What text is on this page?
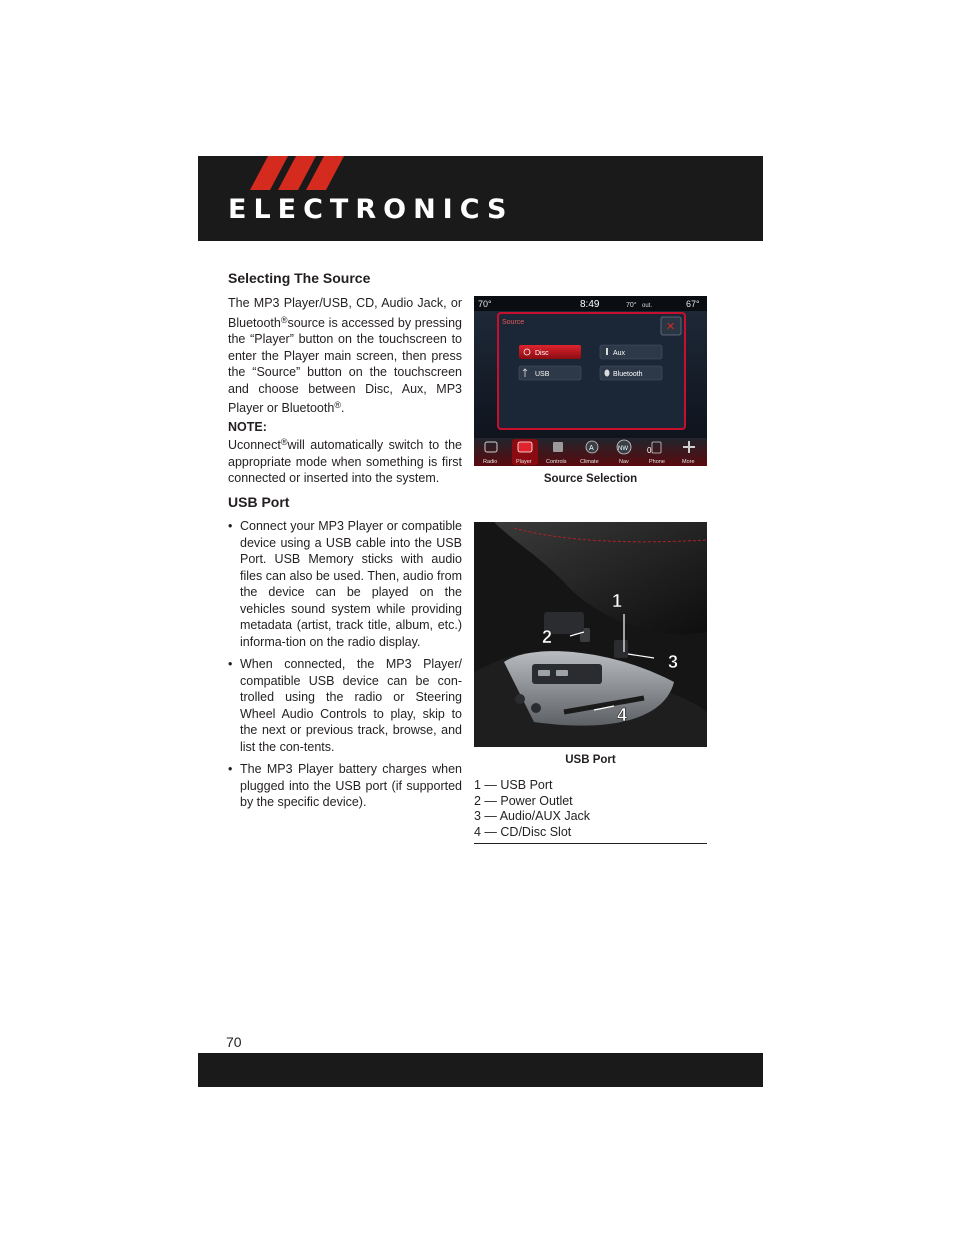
ELECTRONICS
Selecting The Source

The MP3 Player/USB, CD, Audio Jack, or Bluetooth®source is accessed by pressing the “Player” button on the touchscreen to enter the Player main screen, then press the “Source” button on the touchscreen and choose between Disc, Aux, MP3 Player or Bluetooth®.

NOTE:

Uconnect®will automatically switch to the appropriate mode when something is first connected or inserted into the system.

USB Port
• Connect your MP3 Player or compatible device using a USB cable into the USB Port. USB Memory sticks with audio files can also be used. Then, audio from the device can be played on the vehicles sound system while providing metadata (artist, track title, album, etc.) informa-tion on the radio display.
• When connected, the MP3 Player/ compatible USB device can be con-trolled using the radio or Steering Wheel Audio Controls to play, skip to the next or previous track, browse, and list the con-tents.
• The MP3 Player battery charges when plugged into the USB port (if supported by the specific device).
70°	8:49	70° out.	67°
Source	✕
Disc	Aux
USB	Bluetooth
A	NW 0
Radio	Player	Controls Climate	Nav	Phone	More
Source Selection
1
2
3
4
USB Port
1 — USB Port
2 — Power Outlet
3 — Audio/AUX Jack
4 — CD/Disc Slot
70
